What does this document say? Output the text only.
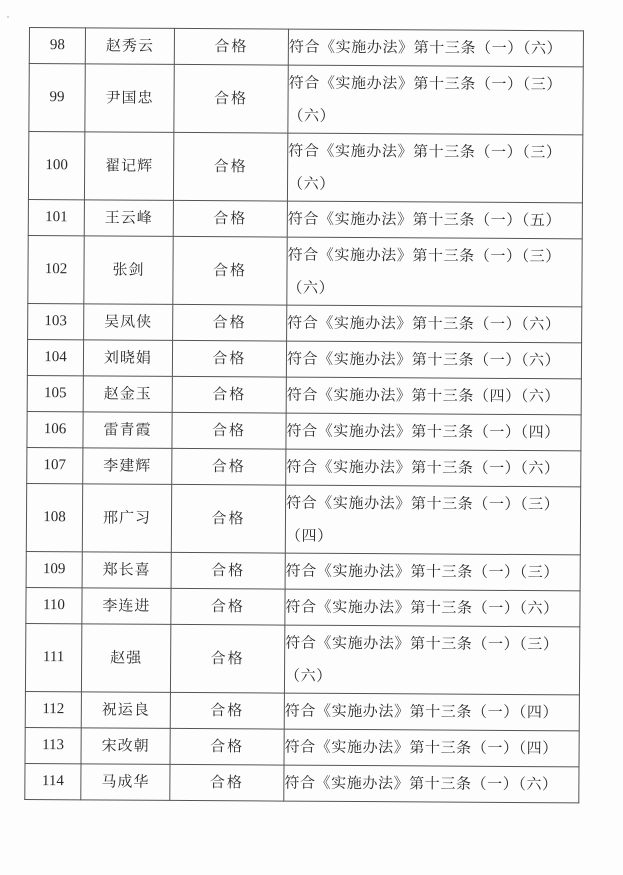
98	赵秀云	合格	符合《实施办法》第十三条（一）（六）

99	尹国忠	合格	符合《实施办法》第十三条（一）（三）
（六）

100	翟记辉	合格	符合《实施办法》第十三条（一）（三）
（六）

101	王云峰	合格	符合《实施办法》第十三条（一）（五）

102	张剑	合格	符合《实施办法》第十三条（一）（三）
（六）

103	吴凤侠	合格	符合《实施办法》第十三条（一）（六）

104	刘晓娟	合格	符合《实施办法》第十三条（一）（六）

105	赵金玉	合格	符合《实施办法》第十三条（四）（六）

106	雷青霞	合格	符合《实施办法》第十三条（一）（四）

107	李建辉	合格	符合《实施办法》第十三条（一）（六）

108	邢广习	合格	符合《实施办法》第十三条（一）（三）
（四）

109	郑长喜	合格	符合《实施办法》第十三条（一）（三）

110	李连进	合格	符合《实施办法》第十三条（一）（六）

111	赵强	合格	符合《实施办法》第十三条（一）（三）
（六）

112	祝运良	合格	符合《实施办法》第十三条（一）（四）

113	宋改朝	合格	符合《实施办法》第十三条（一）（四）

114	马成华	合格	符合《实施办法》第十三条（一）（六）
